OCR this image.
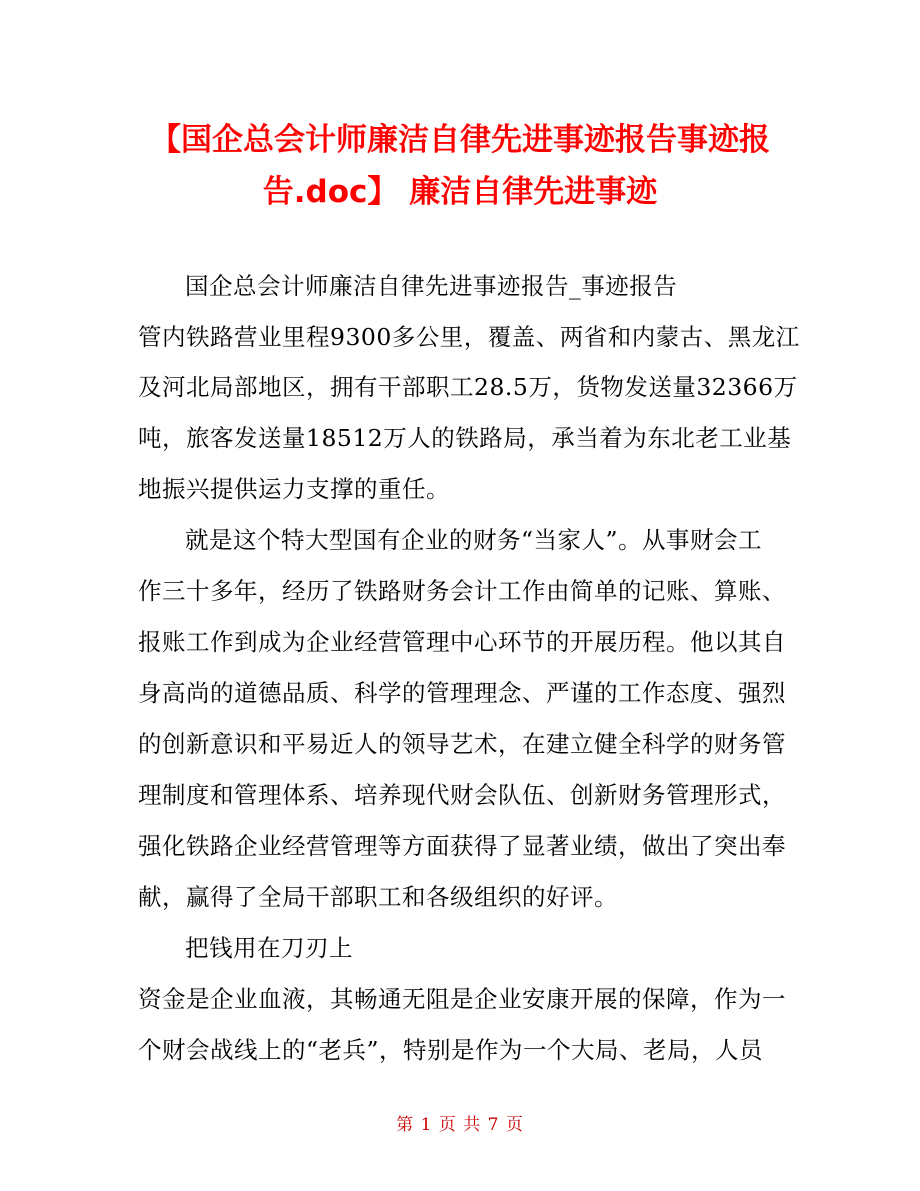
【国企总会计师廉洁自律先进事迹报告事迹报
告.doc】 廉洁自律先进事迹
国企总会计师廉洁自律先进事迹报告_事迹报告
管内铁路营业里程9300多公里，覆盖、两省和内蒙古、黑龙江
及河北局部地区，拥有干部职工28.5万，货物发送量32366万
吨，旅客发送量18512万人的铁路局，承当着为东北老工业基
地振兴提供运力支撑的重任。
就是这个特大型国有企业的财务“当家人”。从事财会工
作三十多年，经历了铁路财务会计工作由简单的记账、算账、
报账工作到成为企业经营管理中心环节的开展历程。他以其自
身高尚的道德品质、科学的管理理念、严谨的工作态度、强烈
的创新意识和平易近人的领导艺术，在建立健全科学的财务管
理制度和管理体系、培养现代财会队伍、创新财务管理形式，
强化铁路企业经营管理等方面获得了显著业绩，做出了突出奉
献，赢得了全局干部职工和各级组织的好评。
把钱用在刀刃上
资金是企业血液，其畅通无阻是企业安康开展的保障，作为一
个财会战线上的“老兵”，特别是作为一个大局、老局，人员
第 1 页 共 7 页
